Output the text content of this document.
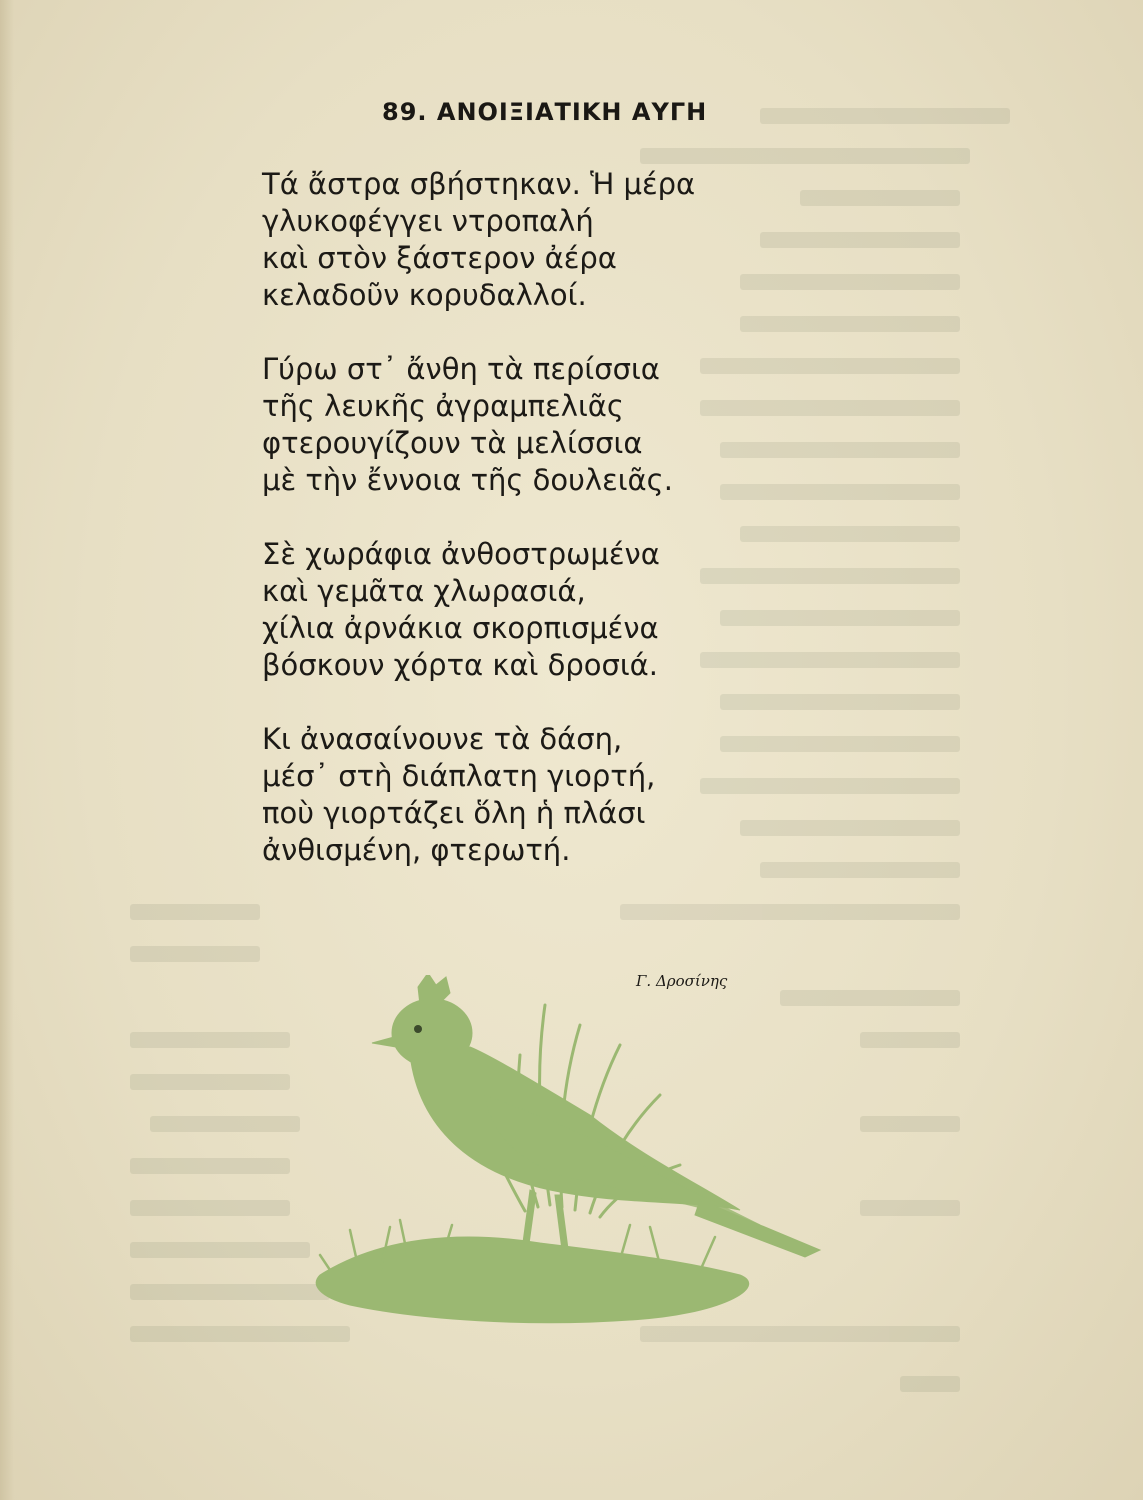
89. ΑΝΟΙΞΙΑΤΙΚΗ ΑΥΓΗ
Τά ἄστρα σβήστηκαν. Ἡ μέρα
γλυκοφέγγει ντροπαλή
καὶ στὸν ξάστερον ἀέρα
κελαδοῦν κορυδαλλοί.
Γύρω στ᾿ ἄνθη τὰ περίσσια
τῆς λευκῆς ἀγραμπελιᾶς
φτερουγίζουν τὰ μελίσσια
μὲ τὴν ἔννοια τῆς δουλειᾶς.
Σὲ χωράφια ἀνθοστρωμένα
καὶ γεμᾶτα χλωρασιά,
χίλια ἀρνάκια σκορπισμένα
βόσκουν χόρτα καὶ δροσιά.
Κι ἀνασαίνουνε τὰ δάση,
μέσ᾿ στὴ διάπλατη γιορτή,
ποὺ γιορτάζει ὅλη ἡ πλάσι
ἀνθισμένη, φτερωτή.
Γ. Δροσίνης
